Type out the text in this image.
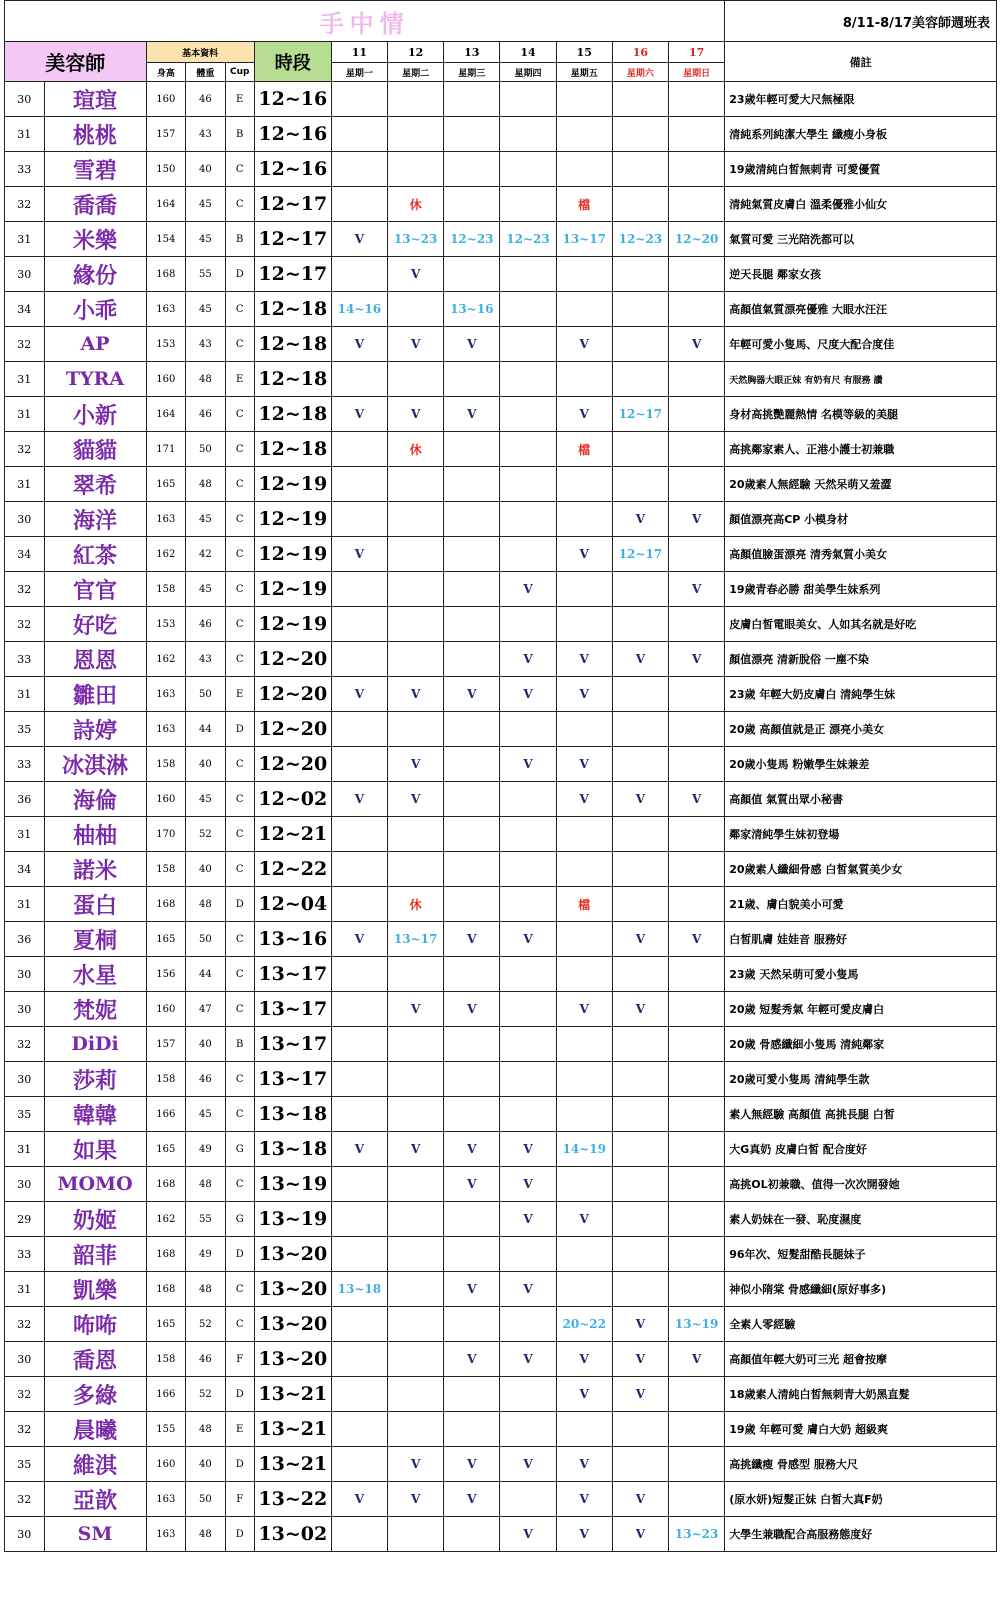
手中情													8/11-8/17美容師週班表
美容師		基本資料			時段	11	12	13	14	15	16	17	備註
		身高	體重	Cup		星期一	星期二	星期三	星期四	星期五	星期六	星期日	
30	瑄瑄	160	46	E	12~16								23歲年輕可愛大尺無極限
31	桃桃	157	43	B	12~16								清純系列純潔大學生 纖瘦小身板
33	雪碧	150	40	C	12~16								19歲清純白皙無刺青 可愛優質
32	喬喬	164	45	C	12~17		休			檔			清純氣質皮膚白 溫柔優雅小仙女
31	米樂	154	45	B	12~17	V	13~23	12~23	12~23	13~17	12~23	12~20	氣質可愛 三光陪洗都可以
30	緣份	168	55	D	12~17		V						逆天長腿 鄰家女孩
34	小乖	163	45	C	12~18	14~16		13~16					高顏值氣質漂亮優雅 大眼水汪汪
32	AP	153	43	C	12~18	V	V	V		V		V	年輕可愛小隻馬、尺度大配合度佳
31	TYRA	160	48	E	12~18								天然胸器大眼正妹 有奶有尺 有服務 讚
31	小新	164	46	C	12~18	V	V	V		V	12~17		身材高挑艷麗熱情 名模等級的美腿
32	貓貓	171	50	C	12~18		休			檔			高挑鄰家素人、正港小護士初兼職
31	翠希	165	48	C	12~19								20歲素人無經驗 天然呆萌又羞澀
30	海洋	163	45	C	12~19						V	V	顏值漂亮高CP 小模身材
34	紅茶	162	42	C	12~19	V				V	12~17		高顏值臉蛋漂亮 清秀氣質小美女
32	官官	158	45	C	12~19				V			V	19歲青春必勝 甜美學生妹系列
32	好吃	153	46	C	12~19								皮膚白皙電眼美女、人如其名就是好吃
33	恩恩	162	43	C	12~20				V	V	V	V	顏值漂亮 清新脫俗 一塵不染
31	雛田	163	50	E	12~20	V	V	V	V	V			23歲 年輕大奶皮膚白 清純學生妹
35	詩婷	163	44	D	12~20								20歲 高顏值就是正 漂亮小美女
33	冰淇淋	158	40	C	12~20		V		V	V			20歲小隻馬 粉嫩學生妹兼差
36	海倫	160	45	C	12~02	V	V			V	V	V	高顏值 氣質出眾小秘書
31	柚柚	170	52	C	12~21								鄰家清純學生妹初登場
34	諾米	158	40	C	12~22								20歲素人纖細骨感 白皙氣質美少女
31	蛋白	168	48	D	12~04		休			檔			21歲、膚白貌美小可愛
36	夏桐	165	50	C	13~16	V	13~17	V	V		V	V	白皙肌膚 娃娃音 服務好
30	水星	156	44	C	13~17								23歲 天然呆萌可愛小隻馬
30	梵妮	160	47	C	13~17		V	V		V	V		20歲 短髮秀氣 年輕可愛皮膚白
32	DiDi	157	40	B	13~17								20歲 骨感纖細小隻馬 清純鄰家
30	莎莉	158	46	C	13~17								20歲可愛小隻馬 清純學生款
35	韓韓	166	45	C	13~18								素人無經驗 高顏值 高挑長腿 白皙
31	如果	165	49	G	13~18	V	V	V	V	14~19			大G真奶 皮膚白皙 配合度好
30	MOMO	168	48	C	13~19			V	V				高挑OL初兼職、值得一次次開發她
29	奶姬	162	55	G	13~19				V	V			素人奶妹在一發、恥度濕度
33	韶菲	168	49	D	13~20								96年次、短髮甜酷長腿妹子
31	凱樂	168	48	C	13~20	13~18		V	V				神似小隋棠 骨感纖細(原好事多)
32	咘咘	165	52	C	13~20					20~22	V	13~19	全素人零經驗
30	喬恩	158	46	F	13~20			V	V	V	V	V	高顏值年輕大奶可三光 超會按摩
32	多綠	166	52	D	13~21					V	V		18歲素人清純白皙無刺青大奶黑直髮
32	晨曦	155	48	E	13~21								19歲 年輕可愛 膚白大奶 超級爽
35	維淇	160	40	D	13~21		V	V	V	V			高挑纖瘦 骨感型 服務大尺
32	亞歆	163	50	F	13~22	V	V	V		V	V		(原水妍)短髮正妹 白皙大真F奶
30	SM	163	48	D	13~02				V	V	V	13~23	大學生兼職配合高服務態度好
